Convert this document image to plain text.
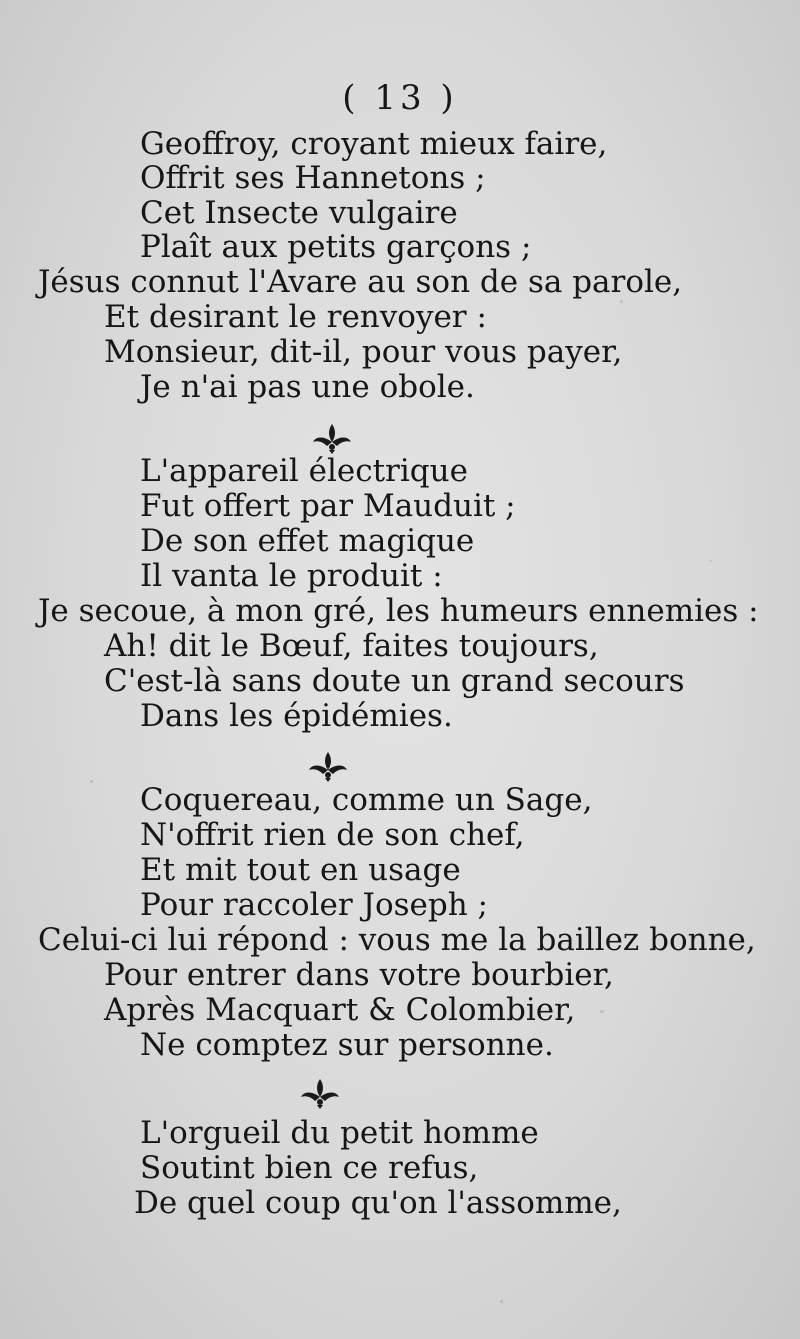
( 13 )
Geoffroy, croyant mieux faire,
Offrit ses Hannetons ;
Cet Insecte vulgaire
Plaît aux petits garçons ;
Jésus connut l'Avare au son de sa parole,
Et desirant le renvoyer :
Monsieur, dit-il, pour vous payer,
Je n'ai pas une obole.
L'appareil électrique
Fut offert par Mauduit ;
De son effet magique
Il vanta le produit :
Je secoue, à mon gré, les humeurs ennemies :
Ah! dit le Bœuf, faites toujours,
C'est-là sans doute un grand secours
Dans les épidémies.
Coquereau, comme un Sage,
N'offrit rien de son chef,
Et mit tout en usage
Pour raccoler Joseph ;
Celui-ci lui répond : vous me la baillez bonne,
Pour entrer dans votre bourbier,
Après Macquart & Colombier,
Ne comptez sur personne.
L'orgueil du petit homme
Soutint bien ce refus,
De quel coup qu'on l'assomme,
